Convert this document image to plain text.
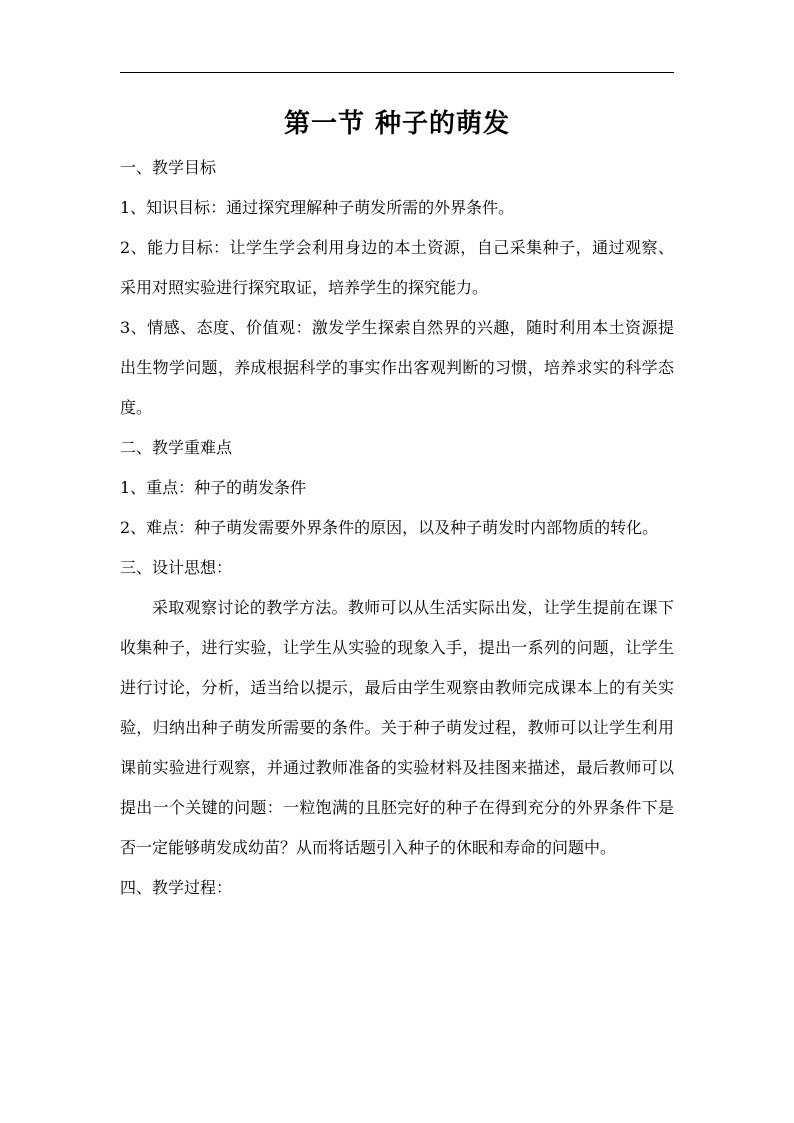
第一节 种子的萌发

一、教学目标

1、知识目标：通过探究理解种子萌发所需的外界条件。

2、能力目标：让学生学会利用身边的本土资源，自己采集种子，通过观察、采用对照实验进行探究取证，培养学生的探究能力。

3、情感、态度、价值观：激发学生探索自然界的兴趣，随时利用本土资源提 出生物学问题，养成根据科学的事实作出客观判断的习惯，培养求实的科学态度。

二、教学重难点

1、重点：种子的萌发条件

2、难点：种子萌发需要外界条件的原因，以及种子萌发时内部物质的转化。

三、设计思想：

采取观察讨论的教学方法。教师可以从生活实际出发，让学生提前在课下收集种子，进行实验，让学生从实验的现象入手，提出一系列的问题，让学生进行讨论，分析，适当给以提示，最后由学生观察由教师完成课本上的有关实验，归纳出种子萌发所需要的条件。关于种子萌发过程，教师可以让学生利用课前实验进行观察，并通过教师准备的实验材料及挂图来描述，最后教师可以提出一个关键的问题：一粒饱满的且胚完好的种子在得到充分的外界条件下是否一定能够萌发成幼苗？从而将话题引入种子的休眠和寿命的问题中。

四、教学过程：
